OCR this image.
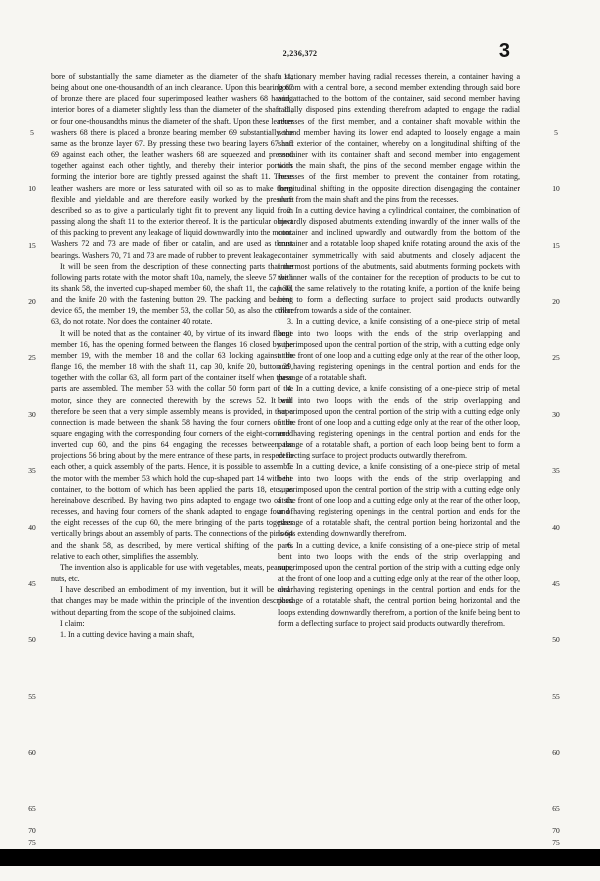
2,236,372	3

bore of substantially the same diameter as the diameter of the shaft 11, being about one one-thousandth of an inch clearance. Upon this bearing 67 of bronze there are placed four superimposed leather washers 68 having interior bores of a diameter slightly less than the diameter of the shaft 11, or four one-thousandths minus the diameter of the shaft. Upon these leather washers 68 there is placed a bronze bearing member 69 substantially the same as the bronze layer 67. By pressing these two bearing layers 67 and 69 against each other, the leather washers 68 are squeezed and pressed together against each other tightly, and thereby their interior portions forming the interior bore are tightly pressed against the shaft 11. These leather washers are more or less saturated with oil so as to make them flexible and yieldable and are therefore easily worked by the pressure described so as to give a particularly tight fit to prevent any liquid from passing along the shaft 11 to the exterior thereof. It is the particular object of this packing to prevent any leakage of liquid downwardly into the motor. Washers 72 and 73 are made of fiber or catalin, and are used as thrust bearings. Washers 70, 71 and 73 are made of rubber to prevent leakage.

It will be seen from the description of these connecting parts that the following parts rotate with the motor shaft 10a, namely, the sleeve 57 with its shank 58, the inverted cup-shaped member 60, the shaft 11, the cap 30, and the knife 20 with the fastening button 29. The packing and bearing device 65, the member 19, the member 53, the collar 50, as also the collar 63, do not rotate. Nor does the container 40 rotate.

It will be noted that as the container 40, by virtue of its inward flange member 16, has the opening formed between the flanges 16 closed by the member 19, with the member 18 and the collar 63 locking against the flange 16, the member 18 with the shaft 11, cap 30, knife 20, button 29, together with the collar 63, all form part of the container itself when these parts are assembled. The member 53 with the collar 50 form part of the motor, since they are connected therewith by the screws 52. It will therefore be seen that a very simple assembly means is provided, in that a connection is made between the shank 58 having the four corners of the square engaging with the corresponding four corners of the eight-cornered inverted cup 60, and the pins 64 engaging the recesses between the projections 56 bring about by the mere entrance of these parts, in respect to each other, a quick assembly of the parts. Hence, it is possible to assemble the motor with the member 53 which hold the cup-shaped part 14 with the container, to the bottom of which has been applied the parts 18, etc., as hereinabove described. By having two pins adapted to engage two of six recesses, and having four corners of the shank adapted to engage four of the eight recesses of the cup 60, the mere bringing of the parts together vertically brings about an assembly of parts. The connections of the pins 64 and the shank 58, as described, by mere vertical shifting of the parts relative to each other, simplifies the assembly.

The invention also is applicable for use with vegetables, meats, peanuts, nuts, etc.

I have described an embodiment of my invention, but it will be clear that changes may be made within the principle of the invention described without departing from the scope of the subjoined claims.

I claim:

1. In a cutting device having a main shaft,

a stationary member having radial recesses therein, a container having a bottom with a central bore, a second member extending through said bore and attached to the bottom of the container, said second member having radially disposed pins extending therefrom adapted to engage the radial recesses of the first member, and a container shaft movable within the second member having its lower end adapted to loosely engage a main shaft exterior of the container, whereby on a longitudinal shifting of the container with its container shaft and second member into engagement with the main shaft, the pins of the second member engage within the recesses of the first member to prevent the container from rotating, longitudinal shifting in the opposite direction disengaging the container shaft from the main shaft and the pins from the recesses.

2. In a cutting device having a cylindrical container, the combination of inwardly disposed abutments extending inwardly of the inner walls of the container and inclined upwardly and outwardly from the bottom of the container and a rotatable loop shaped knife rotating around the axis of the container symmetrically with said abutments and closely adjacent the innermost portions of the abutments, said abutments forming pockets with the inner walls of the container for the reception of products to be cut to hold the same relatively to the rotating knife, a portion of the knife being bent to form a deflecting surface to project said products outwardly therefrom towards a side of the container.

3. In a cutting device, a knife consisting of a one-piece strip of metal bent into two loops with the ends of the strip overlapping and superimposed upon the central portion of the strip, with a cutting edge only at the front of one loop and a cutting edge only at the rear of the other loop, and having registering openings in the central portion and ends for the passage of a rotatable shaft.

4. In a cutting device, a knife consisting of a one-piece strip of metal bent into two loops with the ends of the strip overlapping and superimposed upon the central portion of the strip with a cutting edge only at the front of one loop and a cutting edge only at the rear of the other loop, and having registering openings in the central portion and ends for the passage of a rotatable shaft, a portion of each loop being bent to form a deflecting surface to project products outwardly therefrom.

5. In a cutting device, a knife consisting of a one-piece strip of metal bent into two loops with the ends of the strip overlapping and superimposed upon the central portion of the strip with a cutting edge only at the front of one loop and a cutting edge only at the rear of the other loop, and having registering openings in the central portion and ends for the passage of a rotatable shaft, the central portion being horizontal and the loops extending downwardly therefrom.

6. In a cutting device, a knife consisting of a one-piece strip of metal bent into two loops with the ends of the strip overlapping and superimposed upon the central portion of the strip with a cutting edge only at the front of one loop and a cutting edge only at the rear of the other loop, and having registering openings in the central portion and ends for the passage of a rotatable shaft, the central portion being horizontal and the loops extending downwardly therefrom, a portion of the knife being bent to form a deflecting surface to project said products outwardly therefrom.

5
10
15
20
25
30
35
40
45
50
55
60
65
70
75
5
10
15
20
25
30
35
40
45
50
55
60
65
70
75
